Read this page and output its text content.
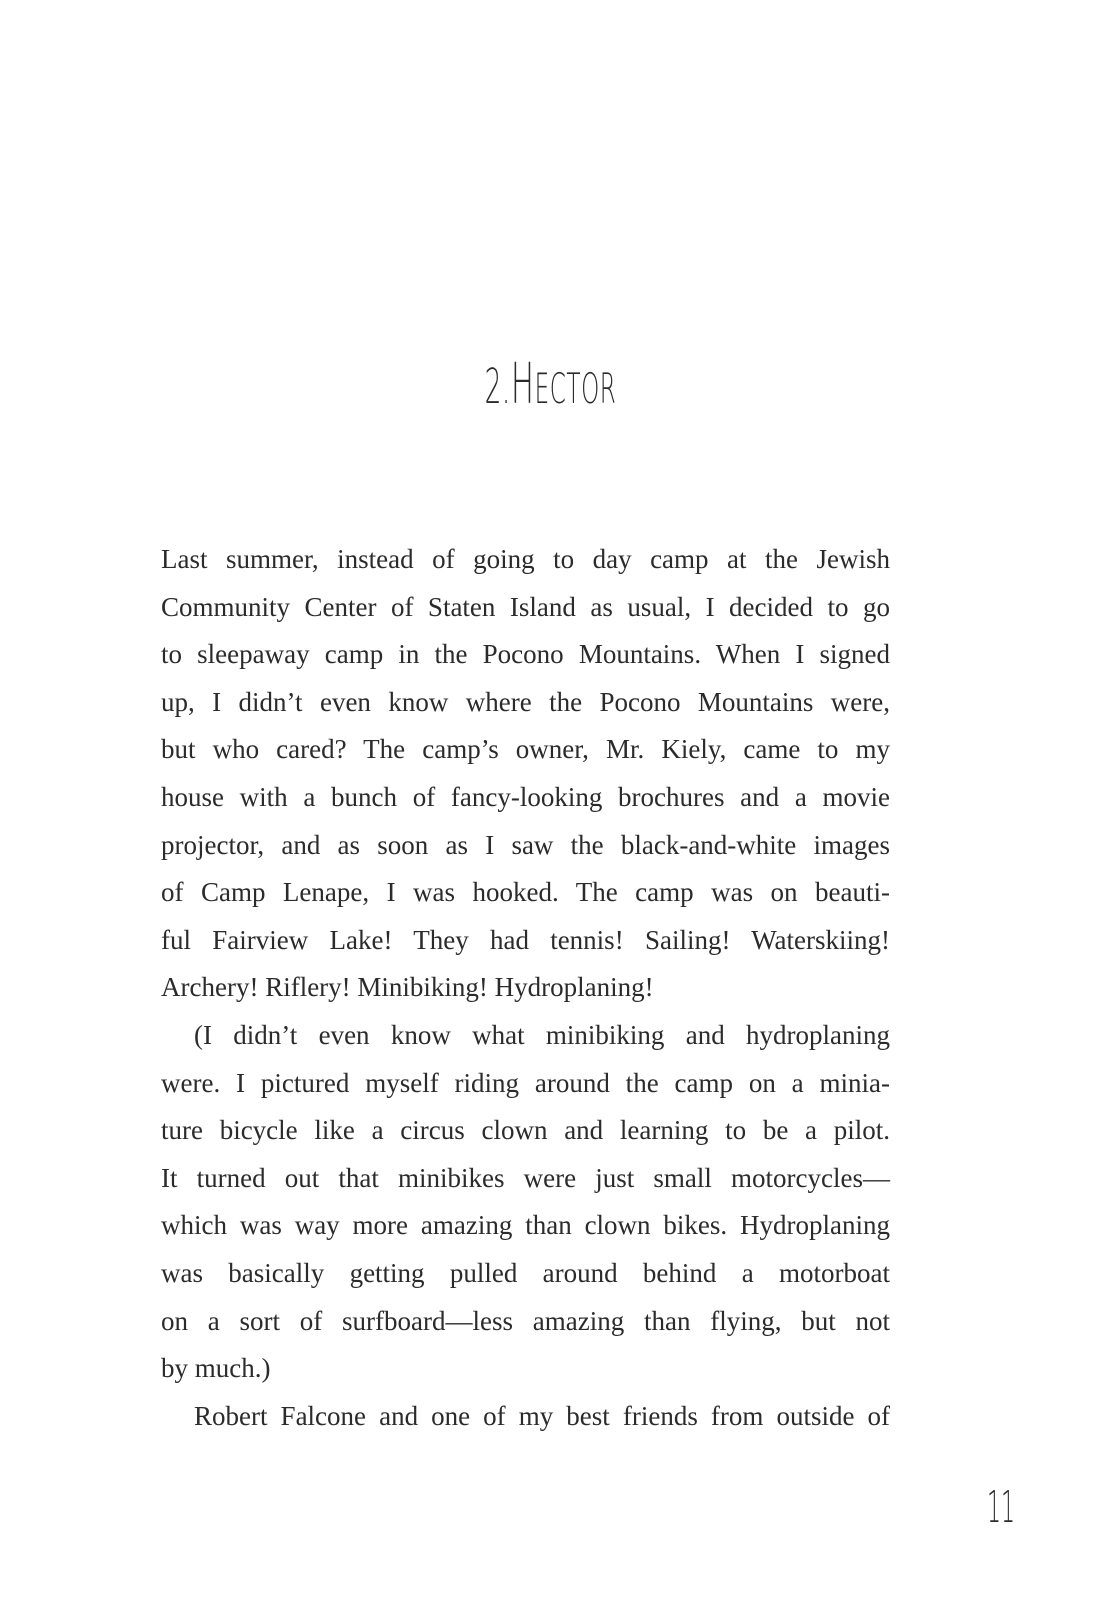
2.HECTOR
Last summer, instead of going to day camp at the Jewish
Community Center of Staten Island as usual, I decided to go
to sleepaway camp in the Pocono Mountains. When I signed
up, I didn’t even know where the Pocono Mountains were,
but who cared? The camp’s owner, Mr. Kiely, came to my
house with a bunch of fancy-looking brochures and a movie
projector, and as soon as I saw the black-and-white images
of Camp Lenape, I was hooked. The camp was on beauti-
ful Fairview Lake! They had tennis! Sailing! Waterskiing!
Archery! Riflery! Minibiking! Hydroplaning!
(I didn’t even know what minibiking and hydroplaning
were. I pictured myself riding around the camp on a minia-
ture bicycle like a circus clown and learning to be a pilot.
It turned out that minibikes were just small motorcycles—
which was way more amazing than clown bikes. Hydroplaning
was basically getting pulled around behind a motorboat
on a sort of surfboard—less amazing than flying, but not
by much.)
Robert Falcone and one of my best friends from outside of
11
